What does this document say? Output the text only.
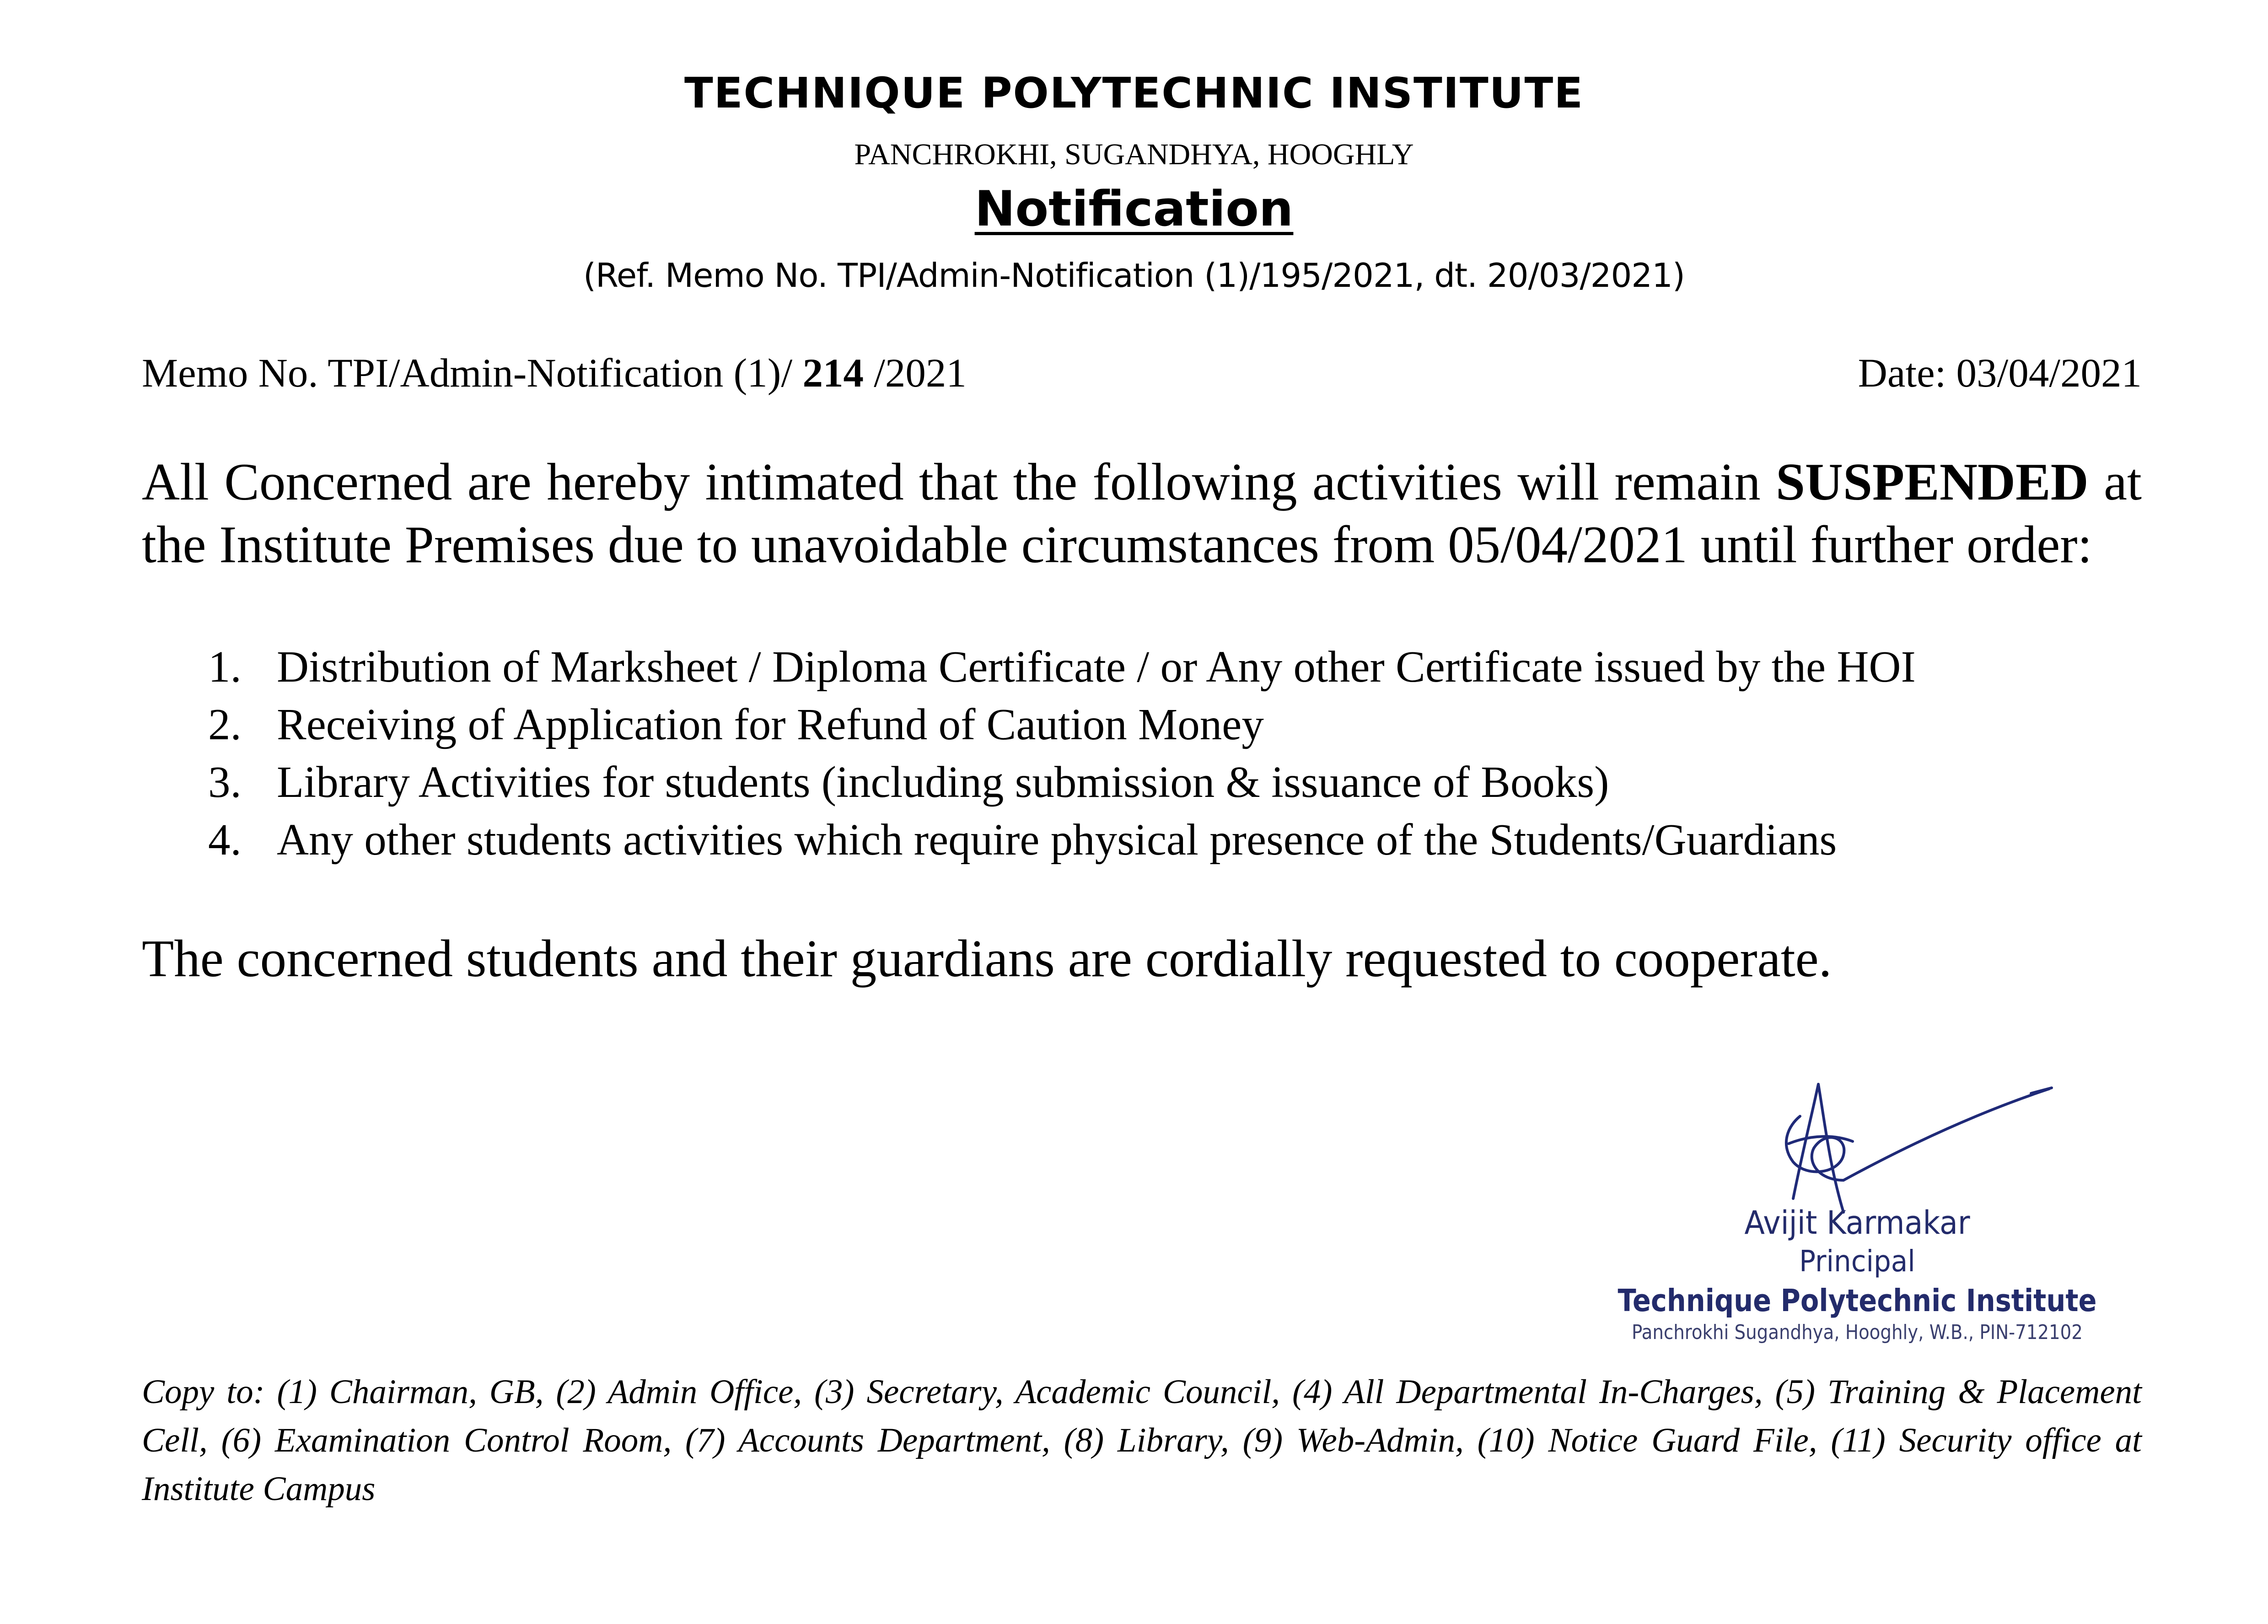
TECHNIQUE POLYTECHNIC INSTITUTE
PANCHROKHI, SUGANDHYA, HOOGHLY
Notification
(Ref. Memo No. TPI/Admin-Notification (1)/195/2021, dt. 20/03/2021)
Memo No. TPI/Admin-Notification (1)/ 214 /2021	Date: 03/04/2021
All Concerned are hereby intimated that the following activities will remain SUSPENDED at the Institute Premises due to unavoidable circumstances from 05/04/2021 until further order:
1. Distribution of Marksheet / Diploma Certificate / or Any other Certificate issued by the HOI
2. Receiving of Application for Refund of Caution Money
3. Library Activities for students (including submission & issuance of Books)
4. Any other students activities which require physical presence of the Students/Guardians
The concerned students and their guardians are cordially requested to cooperate.
Avijit Karmakar
Principal
Technique Polytechnic Institute
Panchrokhi Sugandhya, Hooghly, W.B., PIN-712102
Copy to: (1) Chairman, GB, (2) Admin Office, (3) Secretary, Academic Council, (4) All Departmental In-Charges, (5) Training & Placement Cell, (6) Examination Control Room, (7) Accounts Department, (8) Library, (9) Web-Admin, (10) Notice Guard File, (11) Security office at Institute Campus
